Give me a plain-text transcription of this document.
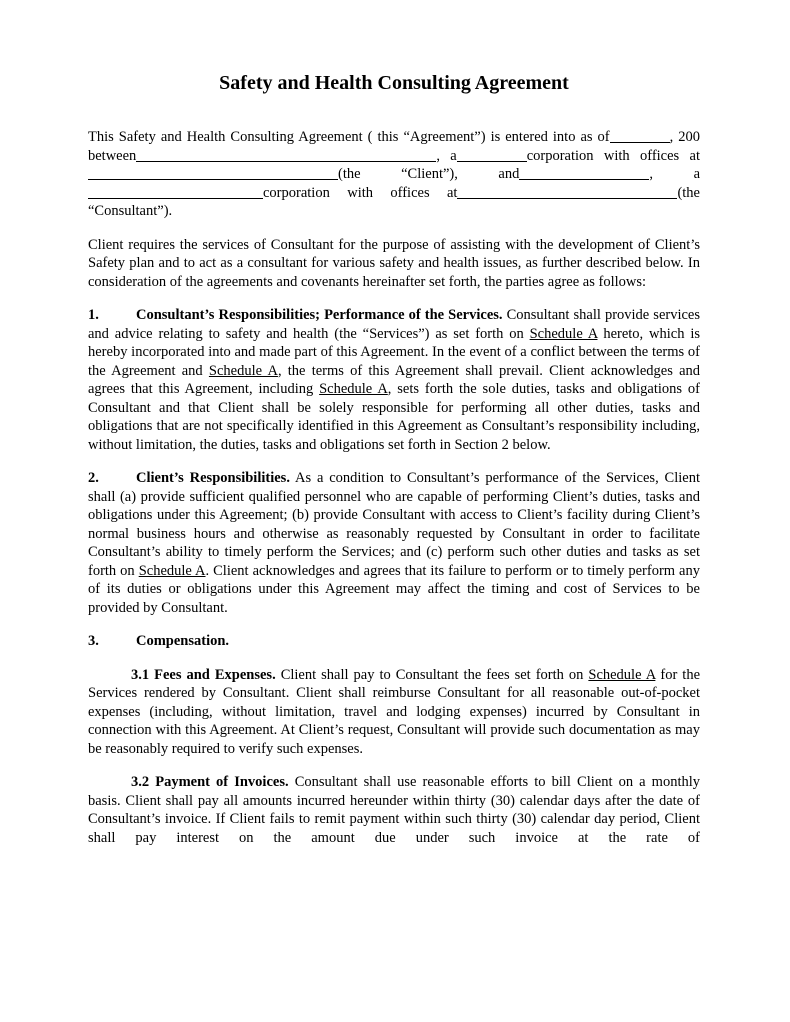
Safety and Health Consulting Agreement

This Safety and Health Consulting Agreement ( this “Agreement”) is entered into as of	, 200 between	, a	corporation with offices at(the “Client”), and	, acorporation with offices at	(the “Consultant”).

Client requires the services of Consultant for the purpose of assisting with the development of Client’s Safety plan and to act as a consultant for various safety and health issues, as further described below. In consideration of the agreements and covenants hereinafter set forth, the parties agree as follows:

1.	Consultant’s Responsibilities; Performance of the Services. Consultant shall provide services and advice relating to safety and health (the “Services”) as set forth on Schedule A hereto, which is hereby incorporated into and made part of this Agreement. In the event of a conflict between the terms of the Agreement and Schedule A, the terms of this Agreement shall prevail. Client acknowledges and agrees that this Agreement, including Schedule A, sets forth the sole duties, tasks and obligations of Consultant and that Client shall be solely responsible for performing all other duties, tasks and obligations that are not specifically identified in this Agreement as Consultant’s responsibility including, without limitation, the duties, tasks and obligations set forth in Section 2 below.

2.	Client’s Responsibilities. As a condition to Consultant’s performance of the Services, Client shall (a) provide sufficient qualified personnel who are capable of performing Client’s duties, tasks and obligations under this Agreement; (b) provide Consultant with access to Client’s facility during Client’s normal business hours and otherwise as reasonably requested by Consultant in order to facilitate Consultant’s ability to timely perform the Services; and (c) perform such other duties and tasks as set forth on Schedule A. Client acknowledges and agrees that its failure to perform or to timely perform any of its duties or obligations under this Agreement may affect the timing and cost of Services to be provided by Consultant.

3.	Compensation.

3.1 Fees and Expenses. Client shall pay to Consultant the fees set forth on Schedule A for the Services rendered by Consultant. Client shall reimburse Consultant for all reasonable out-of-pocket expenses (including, without limitation, travel and lodging expenses) incurred by Consultant in connection with this Agreement. At Client’s request, Consultant will provide such documentation as may be reasonably required to verify such expenses.

3.2 Payment of Invoices. Consultant shall use reasonable efforts to bill Client on a monthly basis. Client shall pay all amounts incurred hereunder within thirty (30) calendar days after the date of Consultant’s invoice. If Client fails to remit payment within such thirty (30) calendar day period, Client shall pay interest on the amount due under such invoice at the rate of
